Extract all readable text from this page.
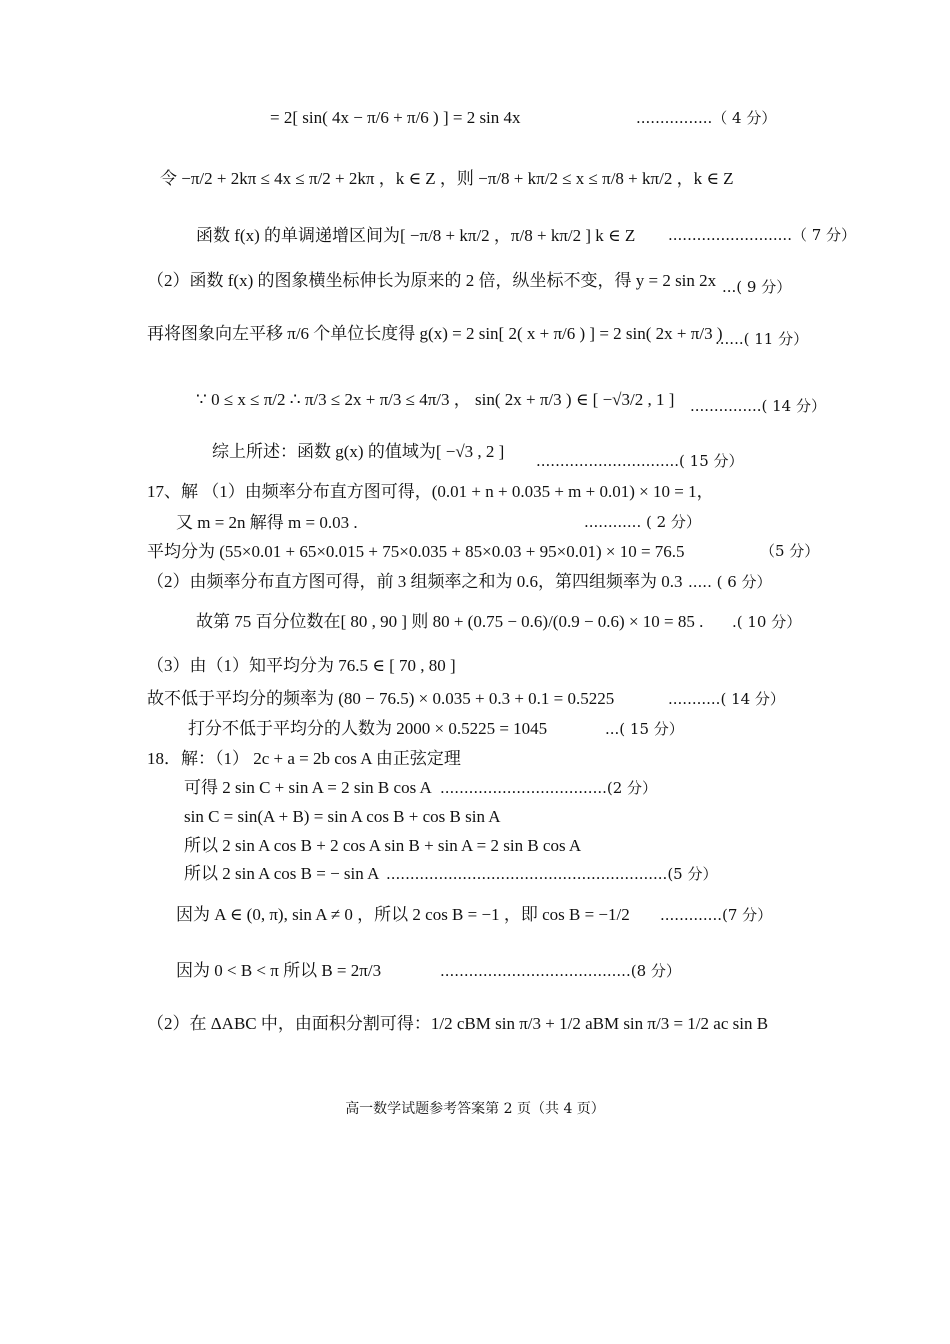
= 2[ sin( 4x − π/6 + π/6 ) ] = 2 sin 4x	................（ 4 分）
令 −π/2 + 2kπ ≤ 4x ≤ π/2 + 2kπ ，k ∈ Z ，则 −π/8 + kπ/2 ≤ x ≤ π/8 + kπ/2 ，k ∈ Z
函数 f(x) 的单调递增区间为[ −π/8 + kπ/2 ，π/8 + kπ/2 ] k ∈ Z ..........................（ 7 分）
（2）函数 f(x) 的图象横坐标伸长为原来的 2 倍，纵坐标不变，得 y = 2 sin 2x ...( 9 分）
再将图象向左平移 π/6 个单位长度得 g(x) = 2 sin[ 2( x + π/6 ) ] = 2 sin( 2x + π/3 )
......( 11 分）
∵ 0 ≤ x ≤ π/2 ∴ π/3 ≤ 2x + π/3 ≤ 4π/3 ， sin( 2x + π/3 ) ∈ [ −√3/2 , 1 ] ...............( 14 分）
综上所述：函数 g(x) 的值域为[ −√3 , 2 ] ..............................( 15 分）
17、解 （1）由频率分布直方图可得，(0.01 + n + 0.035 + m + 0.01) × 10 = 1，
又 m = 2n 解得 m = 0.03 .	............ ( 2 分）
平均分为 (55×0.01 + 65×0.015 + 75×0.035 + 85×0.03 + 95×0.01) × 10 = 76.5	（5 分）
（2）由频率分布直方图可得，前 3 组频率之和为 0.6，第四组频率为 0.3 ..... ( 6 分）
故第 75 百分位数在[ 80 , 90 ] 则 80 + (0.75 − 0.6)/(0.9 − 0.6) × 10 = 85 . .( 10 分）
（3）由（1）知平均分为 76.5 ∈ [ 70 , 80 ]
故不低于平均分的频率为 (80 − 76.5) × 0.035 + 0.3 + 0.1 = 0.5225	...........( 14 分）
打分不低于平均分的人数为 2000 × 0.5225 = 1045	...( 15 分）
18．解：（1） 2c + a = 2b cos A 由正弦定理
可得 2 sin C + sin A = 2 sin B cos A ...................................(2 分）
sin C = sin(A + B) = sin A cos B + cos B sin A
所以 2 sin A cos B + 2 cos A sin B + sin A = 2 sin B cos A
所以 2 sin A cos B = − sin A ...........................................................(5 分）
因为 A ∈ (0, π), sin A ≠ 0 ，所以 2 cos B = −1 ，即 cos B = −1/2 .............(7 分）
因为 0 < B < π 所以 B = 2π/3	........................................(8 分）
（2）在 ΔABC 中，由面积分割可得：1/2 cBM sin π/3 + 1/2 aBM sin π/3 = 1/2 ac sin B
高一数学试题参考答案第 2 页（共 4 页）
